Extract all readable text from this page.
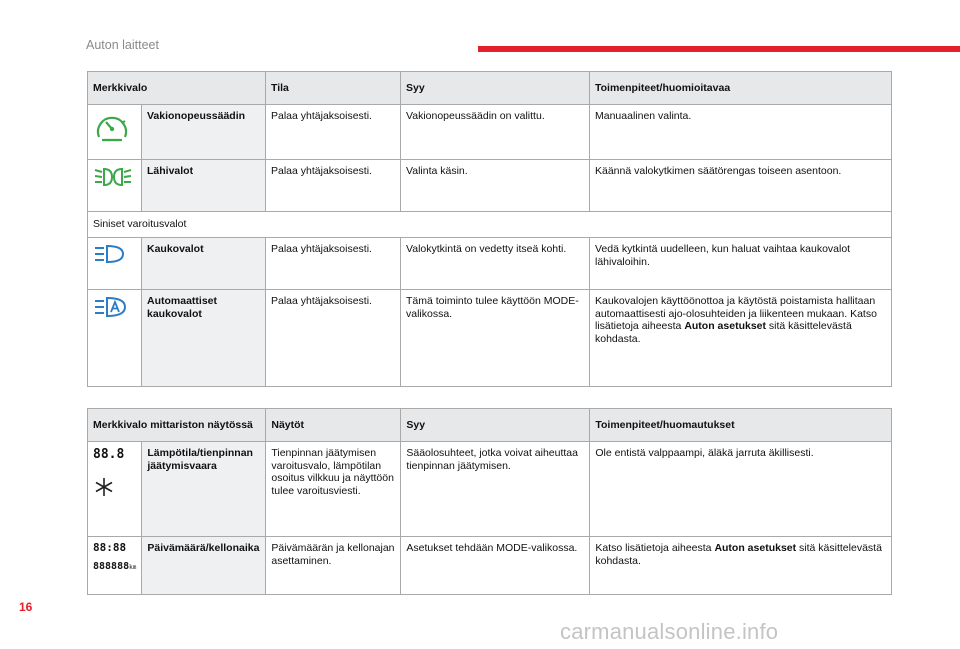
Auton laitteet
Merkkivalo		Tila	Syy	Toimenpiteet/huomioitavaa
	Vakionopeussäädin	Palaa yhtäjaksoisesti.	Vakionopeussäädin on valittu.	Manuaalinen valinta.
	Lähivalot	Palaa yhtäjaksoisesti.	Valinta käsin.	Käännä valokytkimen säätörengas toiseen asentoon.
Siniset varoitusvalot				
	Kaukovalot	Palaa yhtäjaksoisesti.	Valokytkintä on vedetty itseä kohti.	Vedä kytkintä uudelleen, kun haluat vaihtaa kaukovalot lähivaloihin.
	Automaattiset kaukovalot	Palaa yhtäjaksoisesti.	Tämä toiminto tulee käyttöön MODE-valikossa.	Kaukovalojen käyttöönottoa ja käytöstä poistamista hallitaan automaattisesti ajo-olosuhteiden ja liikenteen mukaan. Katso lisätietoja aiheesta Auton asetukset sitä käsittelevästä kohdasta.
Merkkivalo mittariston näytössä		Näytöt	Syy	Toimenpiteet/huomautukset

88.8	Lämpötila/tienpinnan jäätymisvaara	Tienpinnan jäätymisen varoitusvalo, lämpötilan osoitus vilkkuu ja näyttöön tulee varoitusviesti.	Sääolosuhteet, jotka voivat aiheuttaa tienpinnan jäätymisen.	Ole entistä valppaampi, äläkä jarruta äkillisesti.

88:88
888888km	Päivämäärä/kellonaika	Päivämäärän ja kellonajan asettaminen.	Asetukset tehdään MODE-valikossa.	Katso lisätietoja aiheesta Auton asetukset sitä käsittelevästä kohdasta.
16
carmanualsonline.info
